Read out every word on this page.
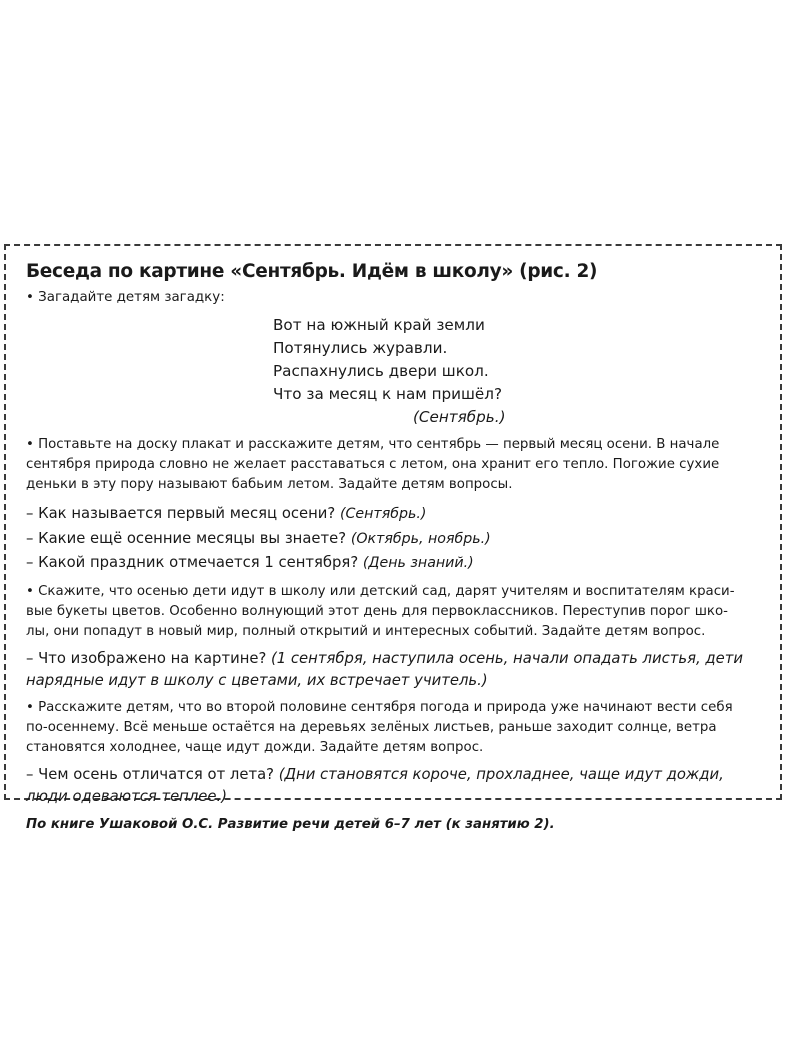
Беседа по картине «Сентябрь. Идём в школу» (рис. 2)
• Загадайте детям загадку:
Вот на южный край земли
Потянулись журавли.
Распахнулись двери школ.
Что за месяц к нам пришёл?
(Сентябрь.)
• Поставьте на доску плакат и расскажите детям, что сентябрь — первый месяц осени. В начале
сентября природа словно не желает расставаться с летом, она хранит его тепло. Погожие сухие
деньки в эту пору называют бабьим летом. Задайте детям вопросы.
– Как называется первый месяц осени? (Сентябрь.)
– Какие ещё осенние месяцы вы знаете? (Октябрь, ноябрь.)
– Какой праздник отмечается 1 сентября? (День знаний.)
• Скажите, что осенью дети идут в школу или детский сад, дарят учителям и воспитателям краси-
вые букеты цветов. Особенно волнующий этот день для первоклассников. Переступив порог шко-
лы, они попадут в новый мир, полный открытий и интересных событий. Задайте детям вопрос.
– Что изображено на картине? (1 сентября, наступила осень, начали опадать листья, дети
нарядные идут в школу с цветами, их встречает учитель.)
• Расскажите детям, что во второй половине сентября погода и природа уже начинают вести себя
по-осеннему. Всё меньше остаётся на деревьях зелёных листьев, раньше заходит солнце, ветра
становятся холоднее, чаще идут дожди. Задайте детям вопрос.
– Чем осень отличатся от лета? (Дни становятся короче, прохладнее, чаще идут дожди,
люди одеваются теплее.)
По книге Ушаковой О.С. Развитие речи детей 6–7 лет (к занятию 2).
